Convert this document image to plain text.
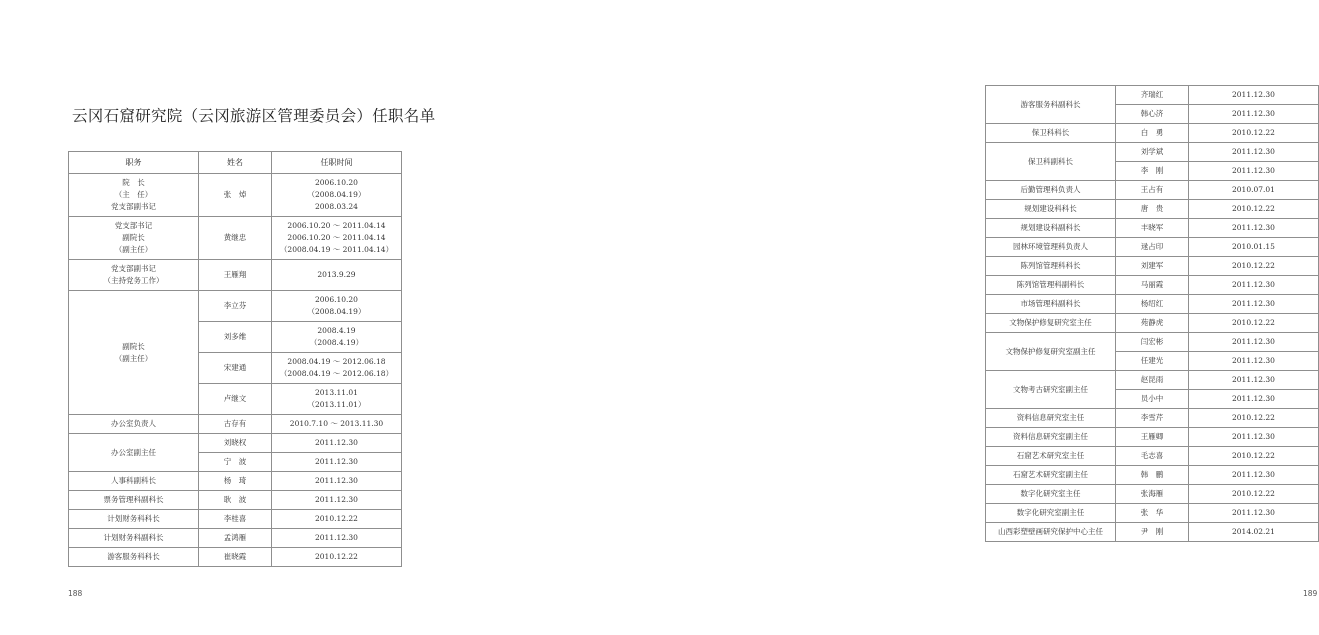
云冈石窟研究院（云冈旅游区管理委员会）任职名单
职务	姓名	任职时间

院　长
（主　任）
党支部副书记	张　焯	2006.10.20
（2008.04.19）
2008.03.24

党支部书记
副院长
（副主任）	黄继忠	2006.10.20 ～ 2011.04.14
2006.10.20 ～ 2011.04.14
（2008.04.19 ～ 2011.04.14）

党支部副书记
（主持党务工作）	王雁翔	2013.9.29

副院长
（副主任）	李立芬	2006.10.20
（2008.04.19）

	刘多维	2008.4.19
（2008.4.19）

	宋建通	2008.04.19 ～ 2012.06.18
（2008.04.19 ～ 2012.06.18）

	卢继文	2013.11.01
（2013.11.01）

办公室负责人	古存有	2010.7.10 ～ 2013.11.30

办公室副主任	刘晓权	2011.12.30

	宁　波	2011.12.30

人事科副科长	杨　琦	2011.12.30

票务管理科副科长	耿　波	2011.12.30

计划财务科科长	李桂喜	2010.12.22

计划财务科副科长	孟鸿雁	2011.12.30

游客服务科科长	崔晓霞	2010.12.22
188
游客服务科副科长	齐瑞红	2011.12.30

	韩心济	2011.12.30

保卫科科长	白　勇	2010.12.22

保卫科副科长	刘学斌	2011.12.30

	李　刚	2011.12.30

后勤管理科负责人	王占有	2010.07.01

规划建设科科长	唐　贵	2010.12.22

规划建设科副科长	丰晓军	2011.12.30

园林环境管理科负责人	逯占印	2010.01.15

陈列馆管理科科长	刘建军	2010.12.22

陈列馆管理科副科长	马丽霞	2011.12.30

市场管理科副科长	杨绍红	2011.12.30

文物保护修复研究室主任	苑静虎	2010.12.22

文物保护修复研究室副主任	闫宏彬	2011.12.30

	任建光	2011.12.30

文物考古研究室副主任	赵昆雨	2011.12.30

	员小中	2011.12.30

资料信息研究室主任	李雪芹	2010.12.22

资料信息研究室副主任	王雁卿	2011.12.30

石窟艺术研究室主任	毛志喜	2010.12.22

石窟艺术研究室副主任	韩　鹏	2011.12.30

数字化研究室主任	张海雁	2010.12.22

数字化研究室副主任	张　华	2011.12.30

山西彩塑壁画研究保护中心主任	尹　刚	2014.02.21
189
